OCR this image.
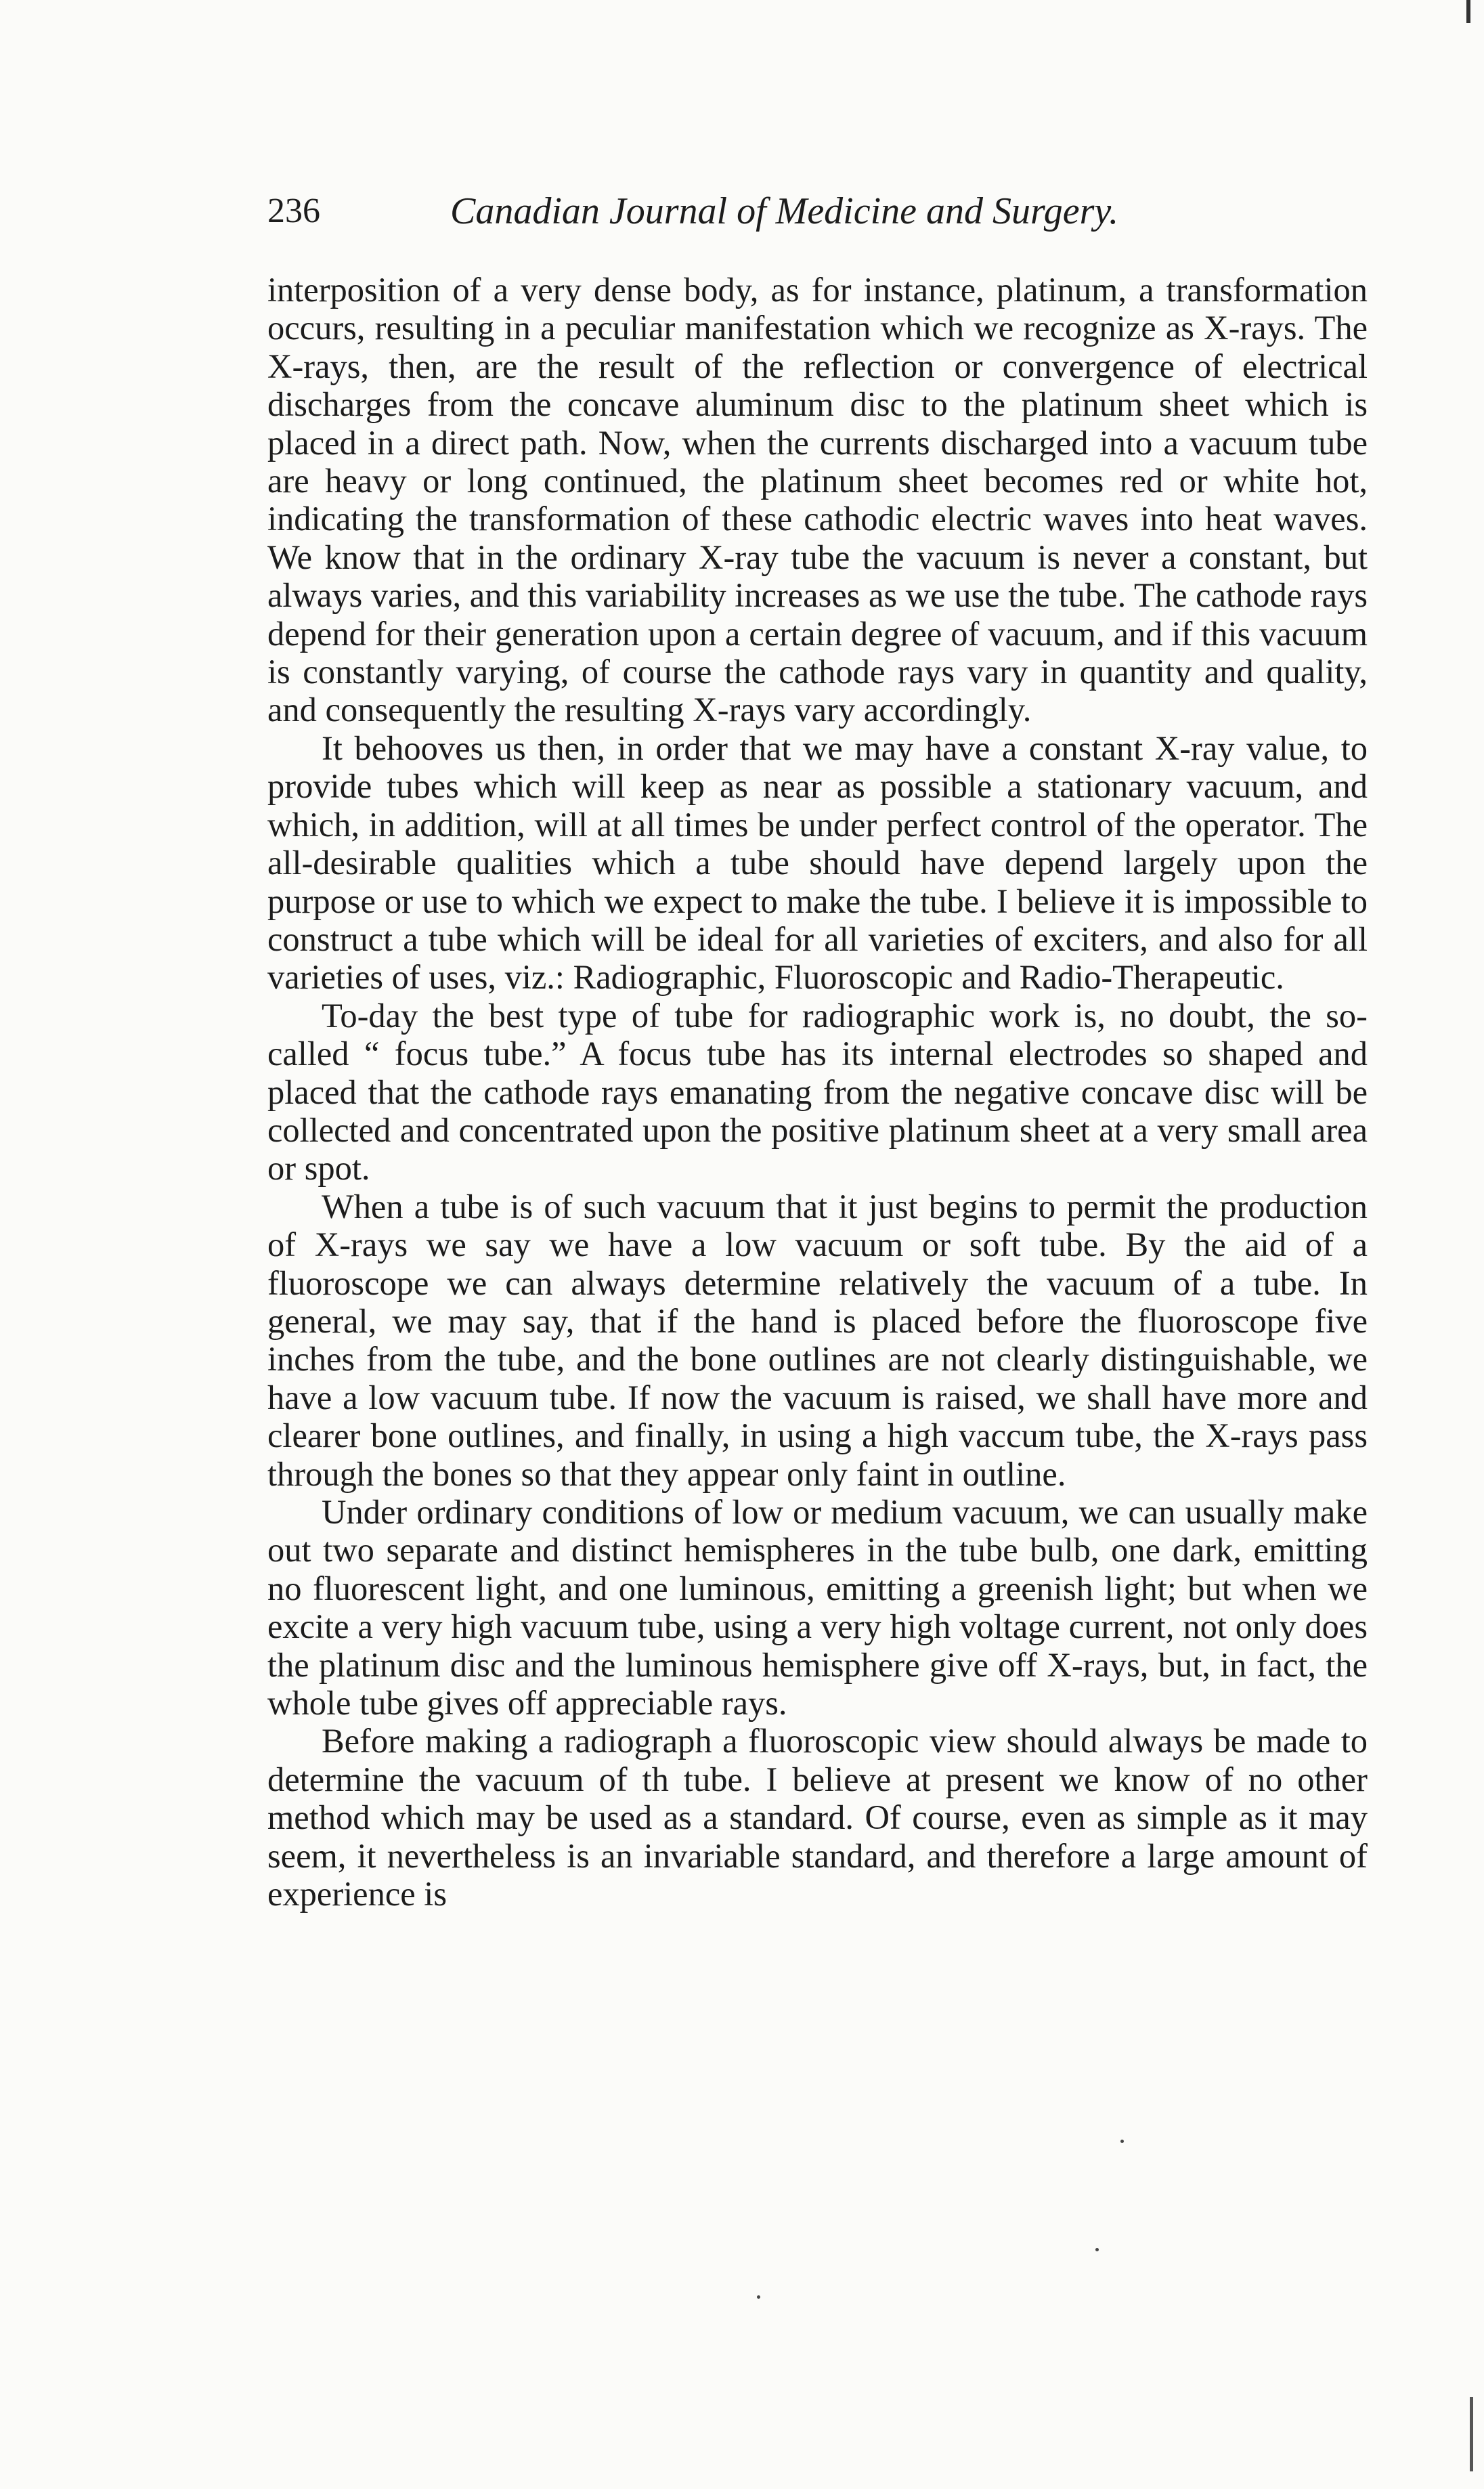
236	Canadian Journal of Medicine and Surgery.

interposition of a very dense body, as for instance, platinum, a transformation occurs, resulting in a peculiar manifestation which we recognize as X-rays. The X-rays, then, are the result of the reflection or convergence of electrical discharges from the concave aluminum disc to the platinum sheet which is placed in a direct path. Now, when the currents discharged into a vacuum tube are heavy or long continued, the platinum sheet becomes red or white hot, indicating the transformation of these cathodic electric waves into heat waves. We know that in the ordinary X-ray tube the vacuum is never a constant, but always varies, and this variability increases as we use the tube. The cathode rays depend for their generation upon a certain degree of vacuum, and if this vacuum is constantly varying, of course the cathode rays vary in quantity and quality, and consequently the resulting X-rays vary accordingly.

It behooves us then, in order that we may have a constant X-ray value, to provide tubes which will keep as near as possible a stationary vacuum, and which, in addition, will at all times be under perfect control of the operator. The all-desirable qualities which a tube should have depend largely upon the purpose or use to which we expect to make the tube. I believe it is impossible to construct a tube which will be ideal for all varieties of exciters, and also for all varieties of uses, viz.: Radiographic, Fluoroscopic and Radio-Therapeutic.

To-day the best type of tube for radiographic work is, no doubt, the so-called “ focus tube.” A focus tube has its internal electrodes so shaped and placed that the cathode rays emanating from the negative concave disc will be collected and concentrated upon the positive platinum sheet at a very small area or spot.

When a tube is of such vacuum that it just begins to permit the production of X-rays we say we have a low vacuum or soft tube. By the aid of a fluoroscope we can always determine relatively the vacuum of a tube. In general, we may say, that if the hand is placed before the fluoroscope five inches from the tube, and the bone outlines are not clearly distinguishable, we have a low vacuum tube. If now the vacuum is raised, we shall have more and clearer bone outlines, and finally, in using a high vaccum tube, the X-rays pass through the bones so that they appear only faint in outline.

Under ordinary conditions of low or medium vacuum, we can usually make out two separate and distinct hemispheres in the tube bulb, one dark, emitting no fluorescent light, and one luminous, emitting a greenish light; but when we excite a very high vacuum tube, using a very high voltage current, not only does the platinum disc and the luminous hemisphere give off X-rays, but, in fact, the whole tube gives off appreciable rays.

Before making a radiograph a fluoroscopic view should always be made to determine the vacuum of th tube. I believe at present we know of no other method which may be used as a standard. Of course, even as simple as it may seem, it nevertheless is an invariable standard, and therefore a large amount of experience is
